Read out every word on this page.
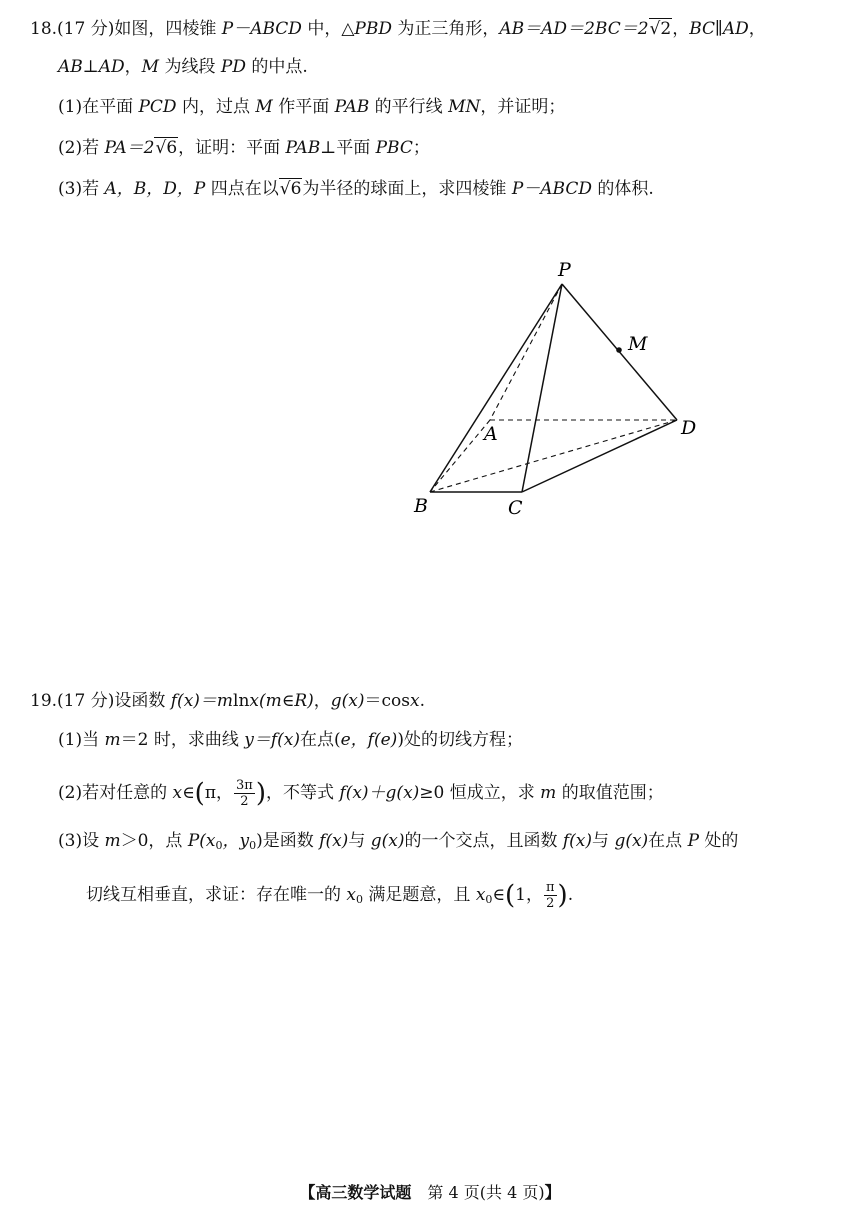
18.(17 分)如图，四棱锥 P－ABCD 中，△PBD 为正三角形，AB＝AD＝2BC＝2√2，BC∥AD，
AB⊥AD，M 为线段 PD 的中点.
(1)在平面 PCD 内，过点 M 作平面 PAB 的平行线 MN，并证明；
(2)若 PA＝2√6，证明：平面 PAB⊥平面 PBC；
(3)若 A，B，D，P 四点在以√6为半径的球面上，求四棱锥 P－ABCD 的体积.
P
M
A	D
B	C
19.(17 分)设函数 f(x)＝mlnx(m∈R)，g(x)＝cosx.
(1)当 m＝2 时，求曲线 y＝f(x)在点(e，f(e))处的切线方程；
(2)若对任意的 x∈(π， $\frac{3\pi}{2}$ )，不等式 f(x)＋g(x)≥0 恒成立，求 m 的取值范围；
(3)设 m＞0，点 $P(x_0$，$y_0$)是函数 f(x)与 g(x)的一个交点，且函数 f(x)与 g(x)在点 P 处的
切线互相垂直，求证：存在唯一的 $x_0$ 满足题意，且 $x_0\in(1$， $\frac{\pi}{2}$ ).
【高三数学试题　第 4 页(共 4 页)】
